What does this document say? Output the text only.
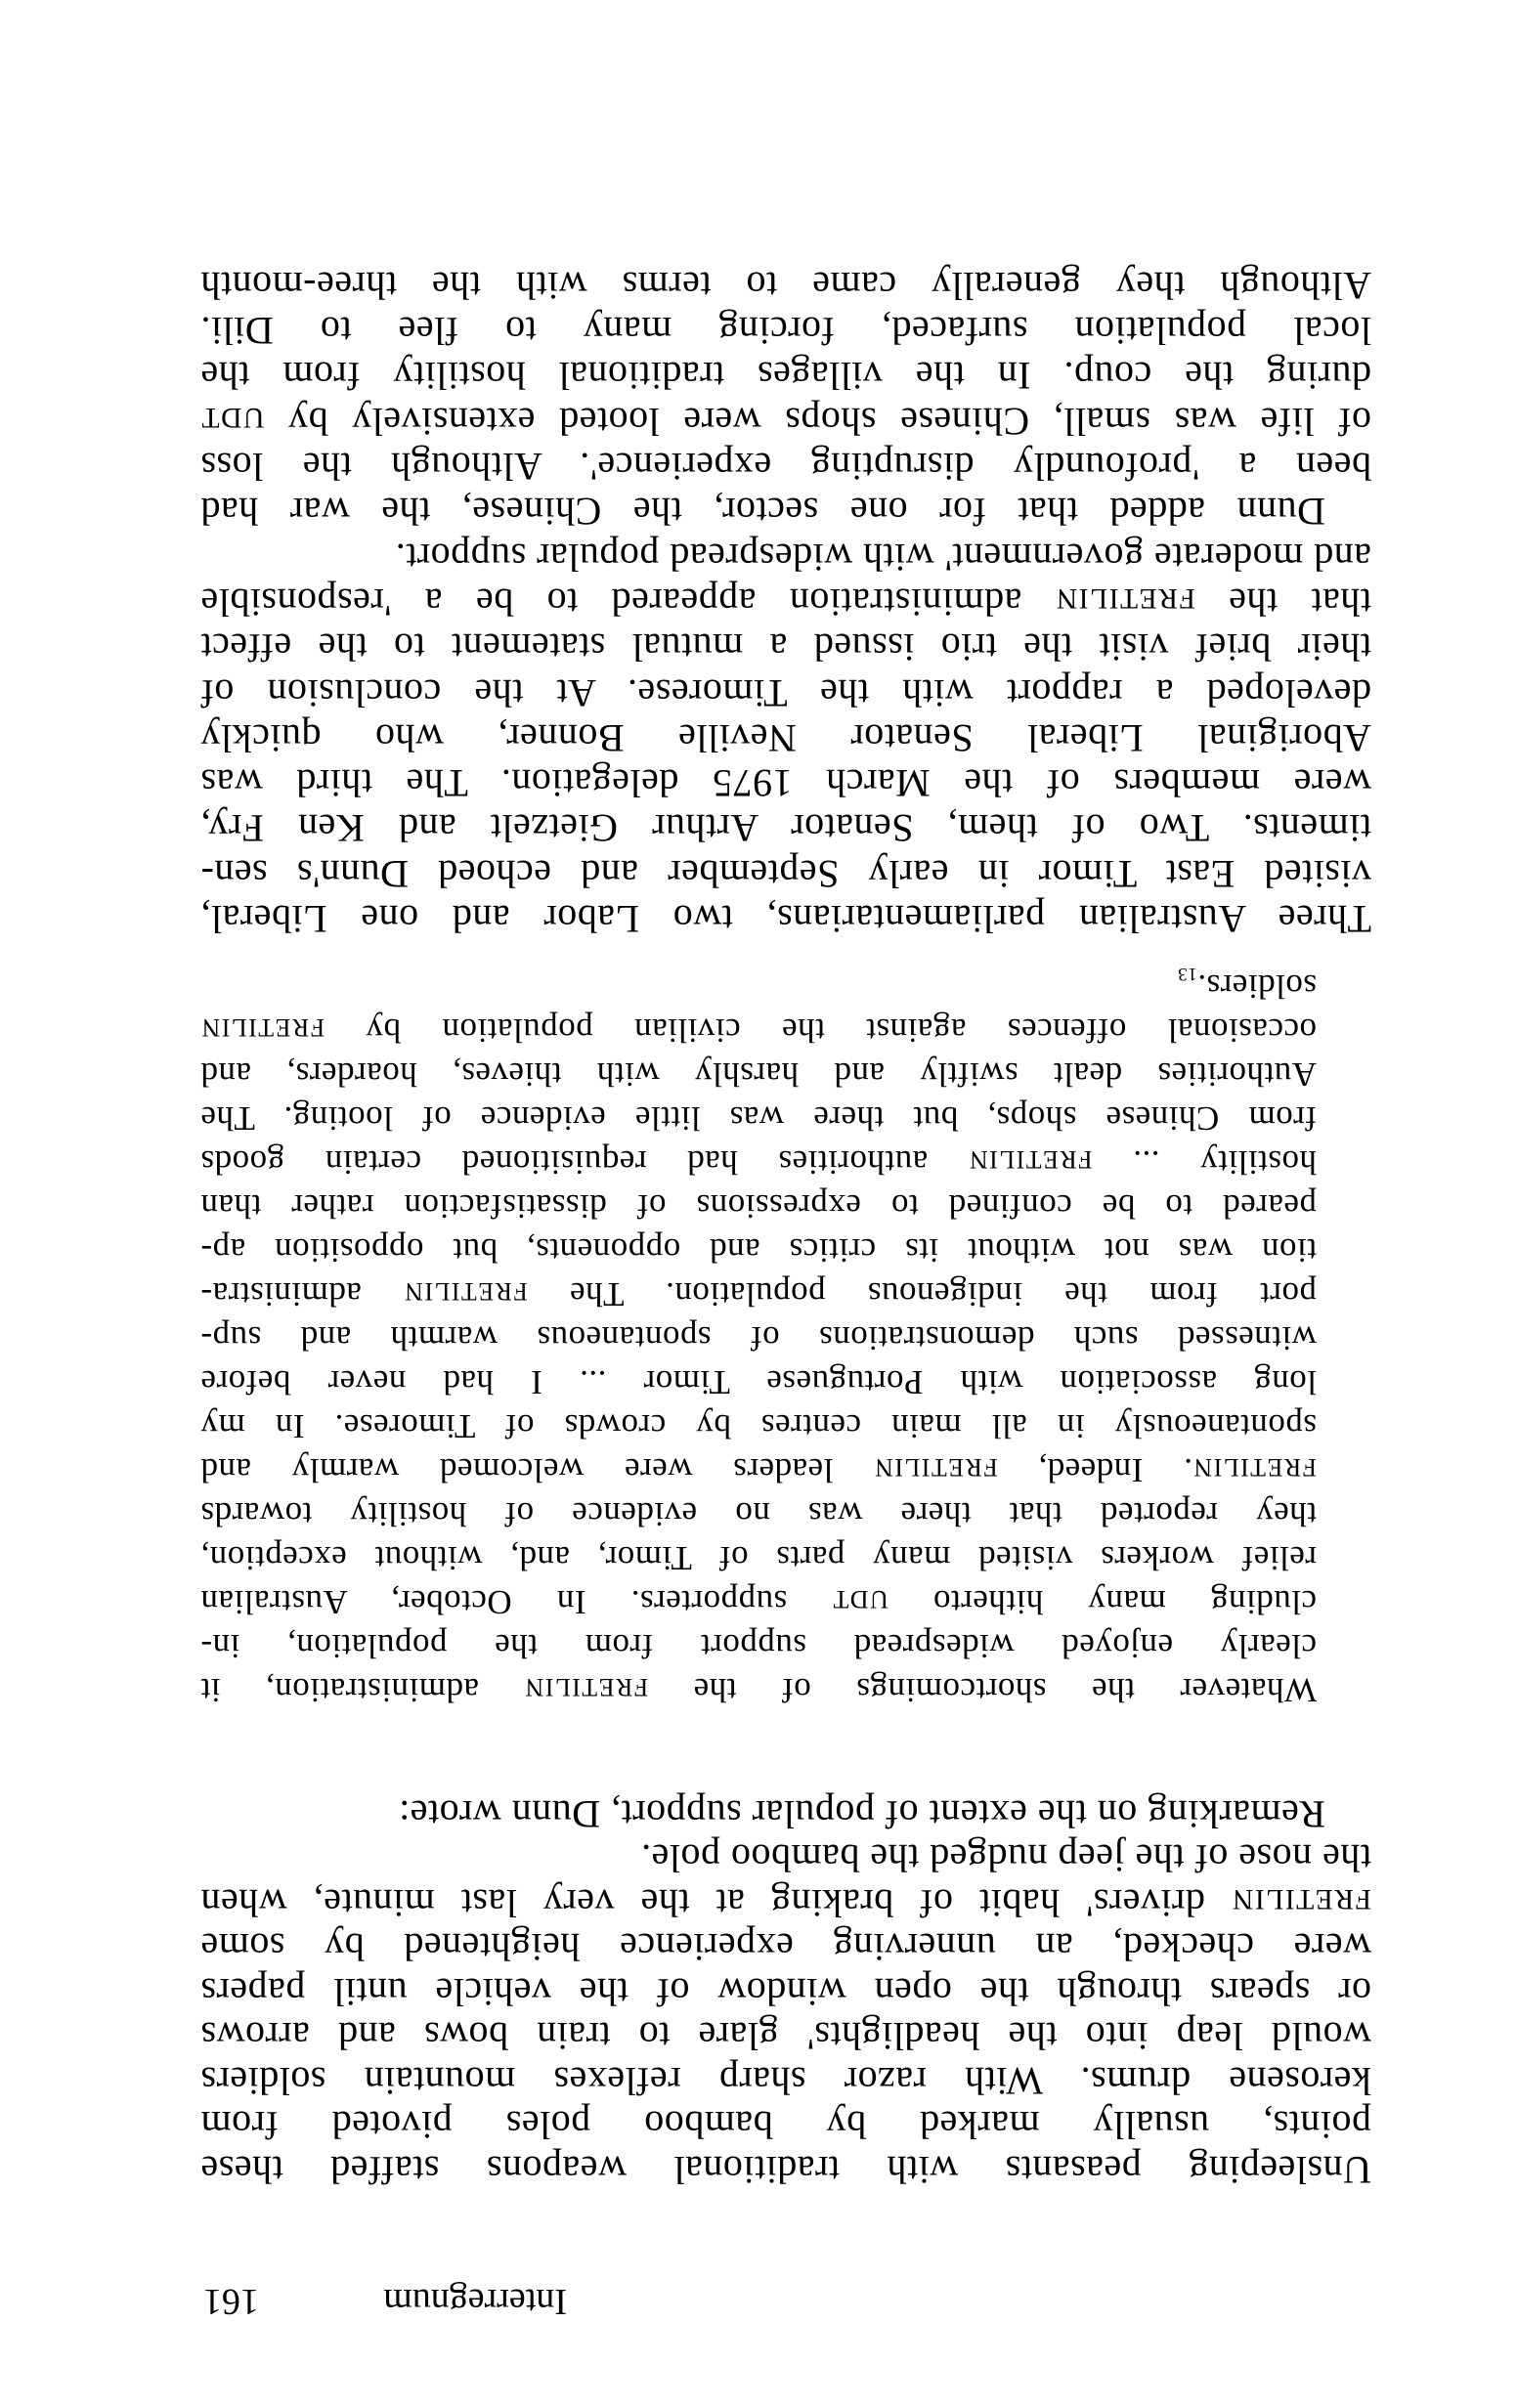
Interregnum
161
Unsleeping peasants with traditional weapons staffed these
points, usually marked by bamboo poles pivoted from
kerosene drums. With razor sharp reflexes mountain soldiers
would leap into the headlights' glare to train bows and arrows
or spears through the open window of the vehicle until papers
were checked, an unnerving experience heightened by some
FRETILIN drivers' habit of braking at the very last minute, when
the nose of the jeep nudged the bamboo pole.
Remarking on the extent of popular support, Dunn wrote:
Whatever the shortcomings of the FRETILIN administration, it
clearly enjoyed widespread support from the population, in-
cluding many hitherto UDT supporters. In October, Australian
relief workers visited many parts of Timor, and, without exception,
they reported that there was no evidence of hostility towards
FRETILIN. Indeed, FRETILIN leaders were welcomed warmly and
spontaneously in all main centres by crowds of Timorese. In my
long association with Portuguese Timor ... I had never before
witnessed such demonstrations of spontaneous warmth and sup-
port from the indigenous population. The FRETILIN administra-
tion was not without its critics and opponents, but opposition ap-
peared to be confined to expressions of dissatisfaction rather than
hostility ... FRETILIN authorities had requisitioned certain goods
from Chinese shops, but there was little evidence of looting. The
Authorities dealt swiftly and harshly with thieves, hoarders, and
occasional offences against the civilian population by FRETILIN
soldiers.$^{13}$
Three Australian parliamentarians, two Labor and one Liberal,
visited East Timor in early September and echoed Dunn's sen-
timents. Two of them, Senator Arthur Gietzelt and Ken Fry,
were members of the March 1975 delegation. The third was
Aboriginal Liberal Senator Neville Bonner, who quickly
developed a rapport with the Timorese. At the conclusion of
their brief visit the trio issued a mutual statement to the effect
that the FRETILIN administration appeared to be a 'responsible
and moderate government' with widespread popular support.
Dunn added that for one sector, the Chinese, the war had
been a 'profoundly disrupting experience'. Although the loss
of life was small, Chinese shops were looted extensively by UDT
during the coup. In the villages traditional hostility from the
local population surfaced, forcing many to flee to Dili.
Although they generally came to terms with the three-month
